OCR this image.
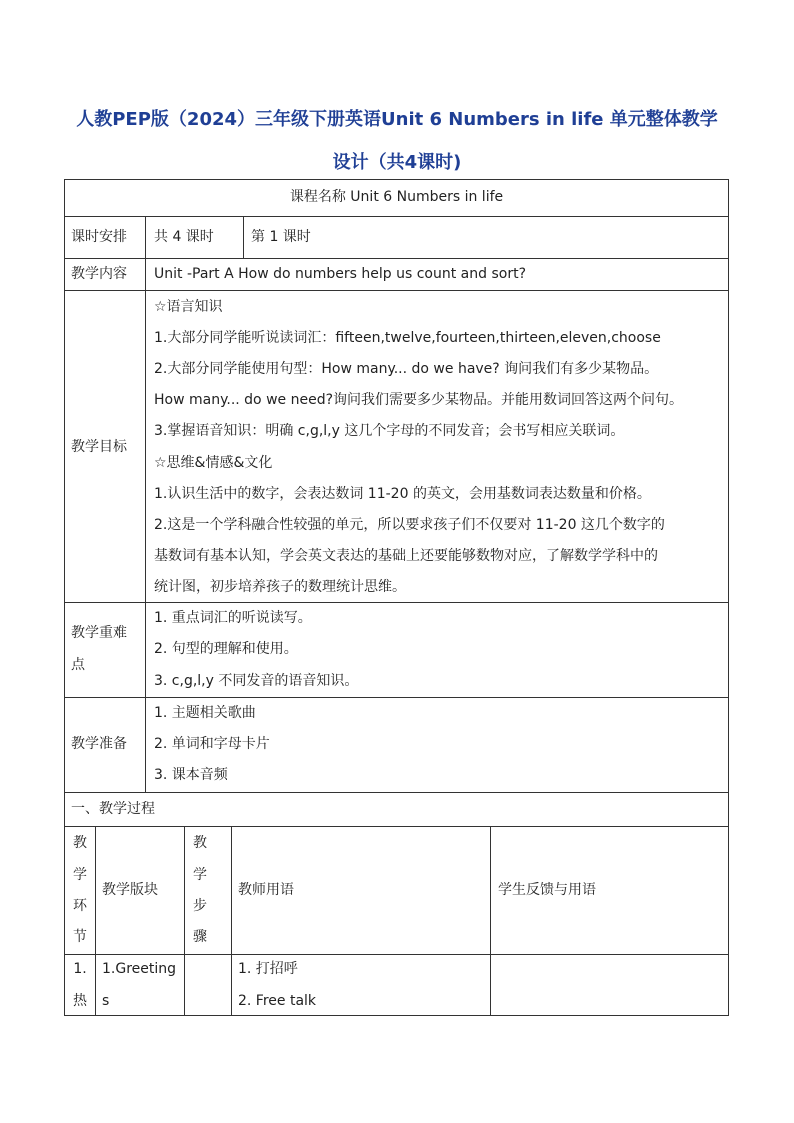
人教PEP版（2024）三年级下册英语Unit 6 Numbers in life 单元整体教学
设计（共4课时)
课程名称 Unit 6 Numbers in life
课时安排 共 4 课时	第 1 课时
教学内容 Unit -Part A How do numbers help us count and sort?
教学目标
☆语言知识
1.大部分同学能听说读词汇：fifteen,twelve,fourteen,thirteen,eleven,choose
2.大部分同学能使用句型：How many... do we have? 询问我们有多少某物品。
How many... do we need?询问我们需要多少某物品。并能用数词回答这两个问句。
3.掌握语音知识：明确 c,g,l,y 这几个字母的不同发音；会书写相应关联词。
☆思维&情感&文化
1.认识生活中的数字，会表达数词 11-20 的英文，会用基数词表达数量和价格。
2.这是一个学科融合性较强的单元，所以要求孩子们不仅要对 11-20 这几个数字的
基数词有基本认知，学会英文表达的基础上还要能够数物对应，了解数学学科中的
统计图，初步培养孩子的数理统计思维。
教学重难
点
1. 重点词汇的听说读写。
2. 句型的理解和使用。
3. c,g,l,y 不同发音的语音知识。
教学准备
1. 主题相关歌曲
2. 单词和字母卡片
3. 课本音频
一、教学过程
教
学
环
节
教学版块
教
学
步
骤
教师用语	学生反馈与用语
1.
热
1.Greeting
s
1. 打招呼
2. Free talk
